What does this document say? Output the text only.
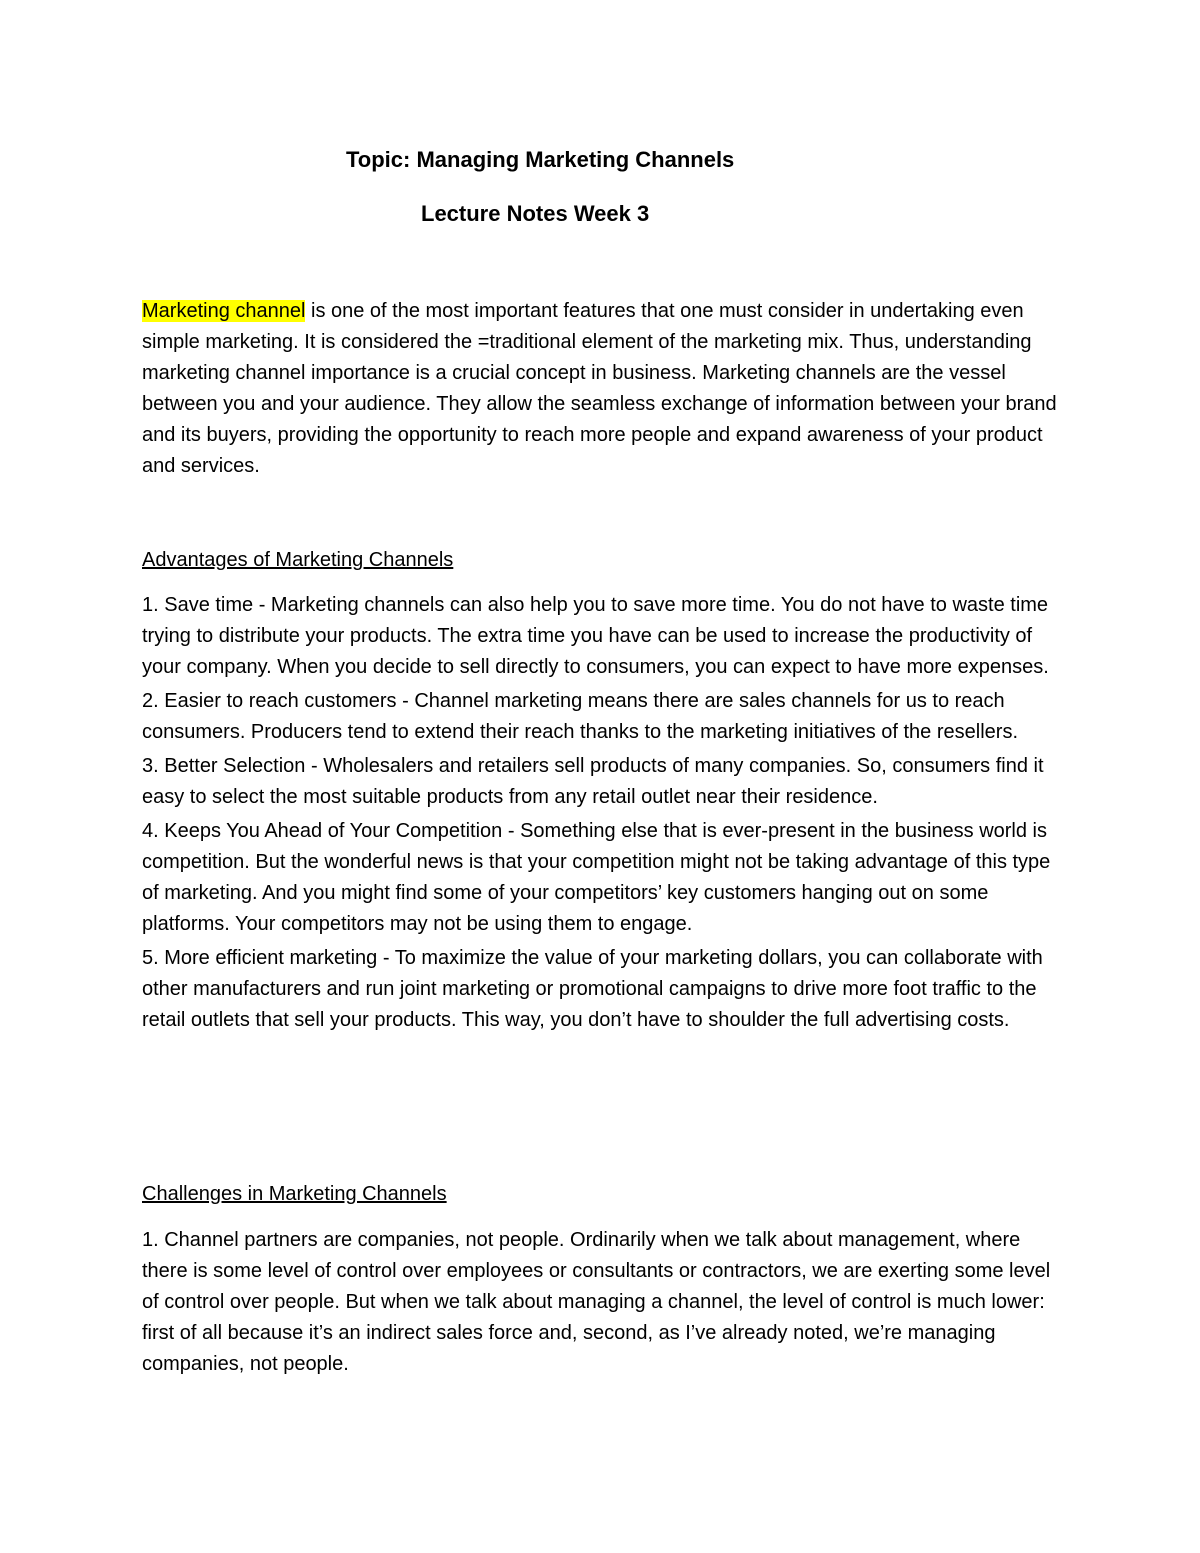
Topic: Managing Marketing Channels
Lecture Notes Week 3

Marketing channel is one of the most important features that one must consider in undertaking even simple marketing. It is considered the =traditional element of the marketing mix. Thus, understanding marketing channel importance is a crucial concept in business. Marketing channels are the vessel between you and your audience. They allow the seamless exchange of information between your brand and its buyers, providing the opportunity to reach more people and expand awareness of your product and services.

Advantages of Marketing Channels
1. Save time - Marketing channels can also help you to save more time. You do not have to waste time trying to distribute your products. The extra time you have can be used to increase the productivity of your company. When you decide to sell directly to consumers, you can expect to have more expenses.
2. Easier to reach customers - Channel marketing means there are sales channels for us to reach consumers. Producers tend to extend their reach thanks to the marketing initiatives of the resellers.
3. Better Selection - Wholesalers and retailers sell products of many companies. So, consumers find it easy to select the most suitable products from any retail outlet near their residence.
4. Keeps You Ahead of Your Competition - Something else that is ever-present in the business world is competition. But the wonderful news is that your competition might not be taking advantage of this type of marketing. And you might find some of your competitors’ key customers hanging out on some platforms. Your competitors may not be using them to engage.
5. More efficient marketing - To maximize the value of your marketing dollars, you can collaborate with other manufacturers and run joint marketing or promotional campaigns to drive more foot traffic to the retail outlets that sell your products. This way, you don’t have to shoulder the full advertising costs.
Challenges in Marketing Channels
1. Channel partners are companies, not people. Ordinarily when we talk about management, where there is some level of control over employees or consultants or contractors, we are exerting some level of control over people. But when we talk about managing a channel, the level of control is much lower: first of all because it’s an indirect sales force and, second, as I’ve already noted, we’re managing companies, not people.
